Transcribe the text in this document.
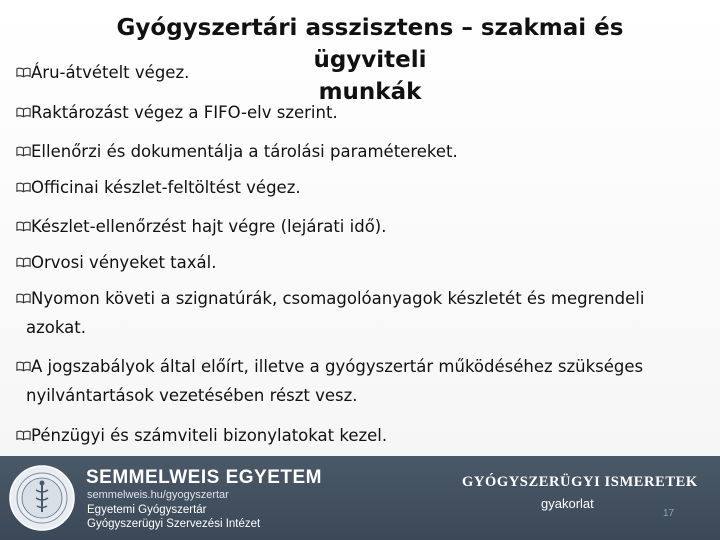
Gyógyszertári asszisztens – szakmai és ügyviteli
munkák
Áru-átvételt végez.
Raktározást végez a FIFO-elv szerint.
Ellenőrzi és dokumentálja a tárolási paramétereket.
Officinai készlet-feltöltést végez.
Készlet-ellenőrzést hajt végre (lejárati idő).
Orvosi vényeket taxál.
Nyomon követi a szignatúrák, csomagolóanyagok készletét és megrendeli
azokat.
A jogszabályok által előírt, illetve a gyógyszertár működéséhez szükséges
nyilvántartások vezetésében részt vesz.
Pénzügyi és számviteli bizonylatokat kezel.
SEMMELWEIS EGYETEM
semmelweis.hu/gyogyszertar
Egyetemi Gyógyszertár
Gyógyszerügyi Szervezési Intézet
GYÓGYSZERÜGYI ISMERETEK
gyakorlat
17
